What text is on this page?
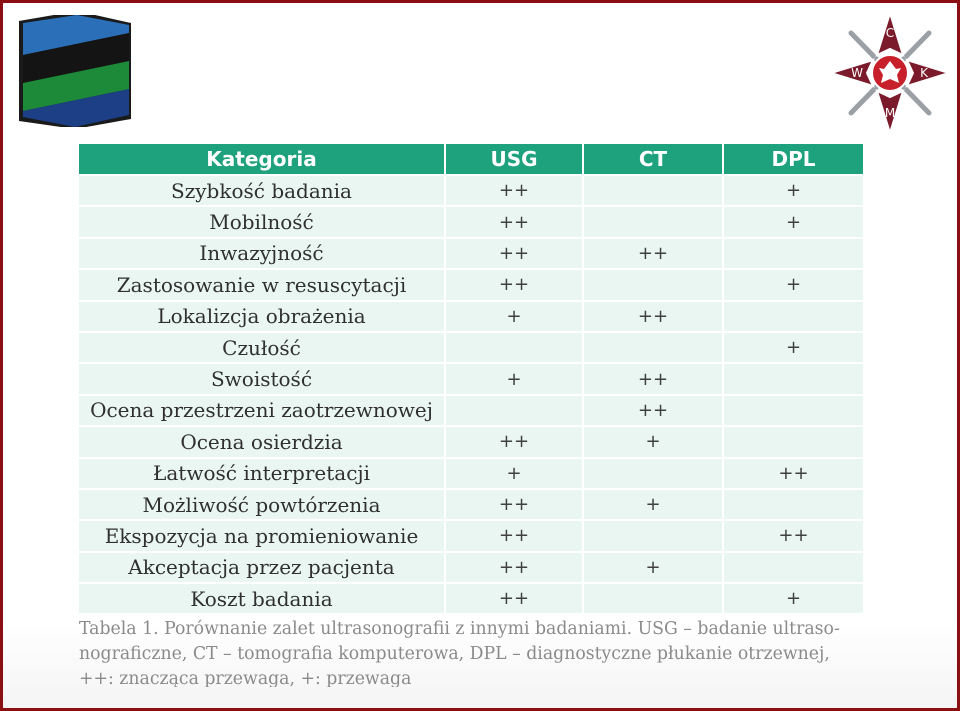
C
W	K
M
Kategoria	USG	CT	DPL
Szybkość badania	++		+
Mobilność	++		+
Inwazyjność	++	++	
Zastosowanie w resuscytacji	++		+
Lokalizcja obrażenia	+	++	
Czułość			+
Swoistość	+	++	
Ocena przestrzeni zaotrzewnowej		++	
Ocena osierdzia	++	+	
Łatwość interpretacji	+		++
Możliwość powtórzenia	++	+	
Ekspozycja na promieniowanie	++		++
Akceptacja przez pacjenta	++	+	
Koszt badania	++		+
Tabela 1. Porównanie zalet ultrasonografii z innymi badaniami. USG – badanie ultraso-
nograficzne, CT – tomografia komputerowa, DPL – diagnostyczne płukanie otrzewnej,
++: znacząca przewaga, +: przewaga
